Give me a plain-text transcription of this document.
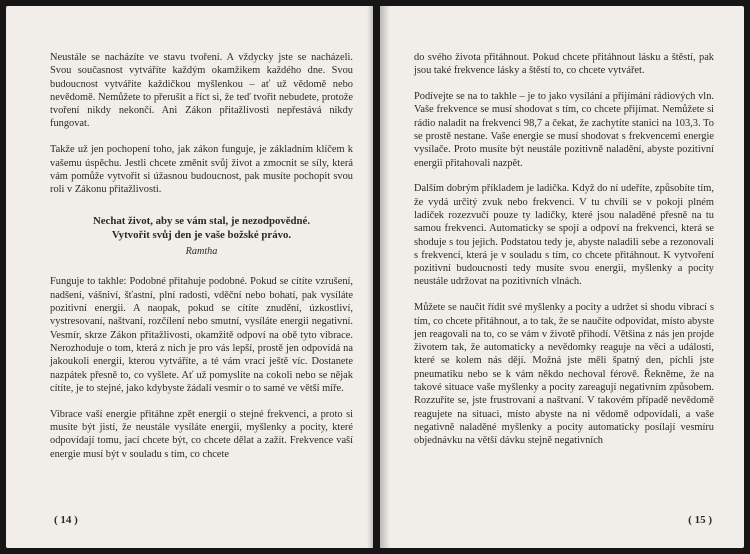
Neustále se nacházíte ve stavu tvoření. A vždycky jste se nacházeli. Svou současnost vytváříte každým okamžikem každého dne. Svou budoucnost vytváříte každičkou myšlenkou – ať už vědomě nebo nevědomě. Nemůžete to přerušit a říct si, že teď tvořit nebudete, protože tvoření nikdy nekončí. Ani Zákon přitažlivosti nepřestává nikdy fungovat.

Takže už jen pochopení toho, jak zákon funguje, je základním klíčem k vašemu úspěchu. Jestli chcete změnit svůj život a zmocnit se síly, která vám pomůže vytvořit si úžasnou budoucnost, pak musíte pochopit svou roli v Zákonu přitažlivosti.

Nechat život, aby se vám stal, je nezodpovědné.
Vytvořit svůj den je vaše božské právo.
Ramtha

Funguje to takhle: Podobné přitahuje podobné. Pokud se cítíte vzrušení, nadšení, vášniví, šťastní, plní radosti, vděční nebo bohatí, pak vysíláte pozitivní energii. A naopak, pokud se cítíte znudění, úzkostliví, vystresovaní, naštvaní, rozčílení nebo smutní, vysíláte energii negativní. Vesmír, skrze Zákon přitažlivosti, okamžitě odpoví na obě tyto vibrace. Nerozhoduje o tom, která z nich je pro vás lepší, prostě jen odpovídá na jakoukoli energii, kterou vytváříte, a té vám vrací ještě víc. Dostanete nazpátek přesně to, co vyšlete. Ať už pomyslíte na cokoli nebo se nějak cítíte, je to stejné, jako kdybyste žádali vesmír o to samé ve větší míře.

Vibrace vaší energie přitáhne zpět energii o stejné frekvenci, a proto si musíte být jistí, že neustále vysíláte energii, myšlenky a pocity, které odpovídají tomu, jací chcete být, co chcete dělat a zažít. Frekvence vaší energie musí být v souladu s tím, co chcete

( 14 )

do svého života přitáhnout. Pokud chcete přitáhnout lásku a štěstí, pak jsou také frekvence lásky a štěstí to, co chcete vytvářet.

Podívejte se na to takhle – je to jako vysílání a přijímání rádiových vln. Vaše frekvence se musí shodovat s tím, co chcete přijímat. Nemůžete si rádio naladit na frekvenci 98,7 a čekat, že zachytíte stanici na 103,3. To se prostě nestane. Vaše energie se musí shodovat s frekvencemi energie vysílače. Proto musíte být neustále pozitivně naladění, abyste pozitivní energii přitahovali nazpět.

Dalším dobrým příkladem je ladička. Když do ní udeříte, způsobíte tím, že vydá určitý zvuk nebo frekvenci. V tu chvíli se v pokoji plném ladiček rozezvučí pouze ty ladičky, které jsou naladěné přesně na tu samou frekvenci. Automaticky se spojí a odpoví na frekvenci, která se shoduje s tou jejich. Podstatou tedy je, abyste naladili sebe a rezonovali s frekvencí, která je v souladu s tím, co chcete přitáhnout. K vytvoření pozitivní budoucnosti tedy musíte svou energii, myšlenky a pocity neustále udržovat na pozitivních vlnách.

Můžete se naučit řídit své myšlenky a pocity a udržet si shodu vibrací s tím, co chcete přitáhnout, a to tak, že se naučíte odpovídat, místo abyste jen reagovali na to, co se vám v životě přihodí. Většina z nás jen projde životem tak, že automaticky a nevědomky reaguje na věci a události, které se kolem nás dějí. Možná jste měli špatný den, píchli jste pneumatiku nebo se k vám někdo nechoval férově. Řekněme, že na takové situace vaše myšlenky a pocity zareagují negativním způsobem. Rozzuříte se, jste frustrovaní a naštvaní. V takovém případě nevědomě reagujete na situaci, místo abyste na ni vědomě odpovídali, a vaše negativně naladěné myšlenky a pocity automaticky posílají vesmíru objednávku na větší dávku stejně negativních

( 15 )
